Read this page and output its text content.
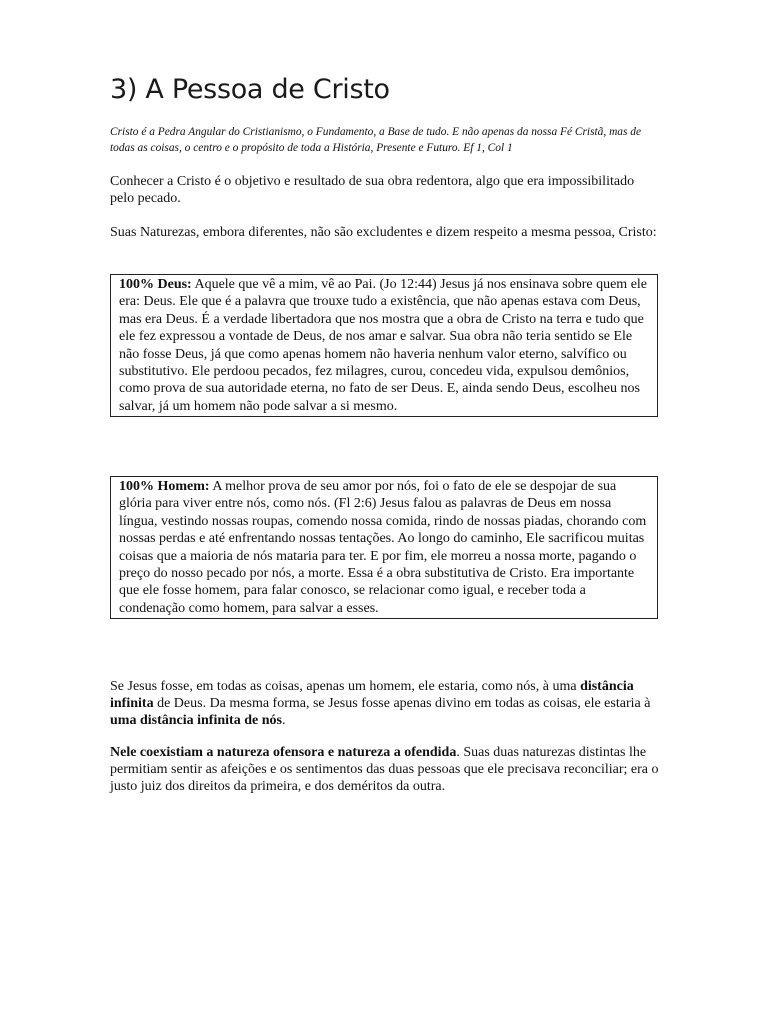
3) A Pessoa de Cristo

Cristo é a Pedra Angular do Cristianismo, o Fundamento, a Base de tudo. E não apenas da nossa Fé Cristã, mas de todas as coisas, o centro e o propósito de toda a História, Presente e Futuro. Ef 1, Col 1

Conhecer a Cristo é o objetivo e resultado de sua obra redentora, algo que era impossibilitado pelo pecado.

Suas Naturezas, embora diferentes, não são excludentes e dizem respeito a mesma pessoa, Cristo:

100% Deus: Aquele que vê a mim, vê ao Pai. (Jo 12:44) Jesus já nos ensinava sobre quem ele era: Deus. Ele que é a palavra que trouxe tudo a existência, que não apenas estava com Deus, mas era Deus. É a verdade libertadora que nos mostra que a obra de Cristo na terra e tudo que ele fez expressou a vontade de Deus, de nos amar e salvar. Sua obra não teria sentido se Ele não fosse Deus, já que como apenas homem não haveria nenhum valor eterno, salvífico ou substitutivo. Ele perdoou pecados, fez milagres, curou, concedeu vida, expulsou demônios, como prova de sua autoridade eterna, no fato de ser Deus. E, ainda sendo Deus, escolheu nos salvar, já um homem não pode salvar a si mesmo.

100% Homem: A melhor prova de seu amor por nós, foi o fato de ele se despojar de sua glória para viver entre nós, como nós. (Fl 2:6) Jesus falou as palavras de Deus em nossa língua, vestindo nossas roupas, comendo nossa comida, rindo de nossas piadas, chorando com nossas perdas e até enfrentando nossas tentações. Ao longo do caminho, Ele sacrificou muitas coisas que a maioria de nós mataria para ter. E por fim, ele morreu a nossa morte, pagando o preço do nosso pecado por nós, a morte. Essa é a obra substitutiva de Cristo. Era importante que ele fosse homem, para falar conosco, se relacionar como igual, e receber toda a condenação como homem, para salvar a esses.

Se Jesus fosse, em todas as coisas, apenas um homem, ele estaria, como nós, à uma distância infinita de Deus. Da mesma forma, se Jesus fosse apenas divino em todas as coisas, ele estaria à uma distância infinita de nós.

Nele coexistiam a natureza ofensora e natureza a ofendida. Suas duas naturezas distintas lhe permitiam sentir as afeições e os sentimentos das duas pessoas que ele precisava reconciliar; era o justo juiz dos direitos da primeira, e dos deméritos da outra.
